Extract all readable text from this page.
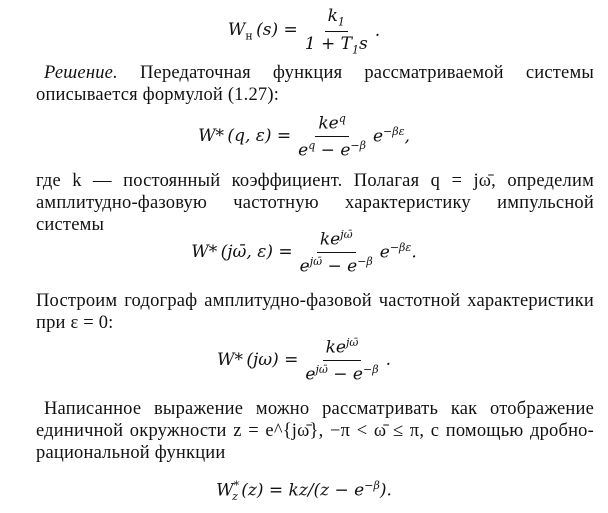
$W_н$ $(s) = \frac{k_1}{1 + T_1s}$ .
Решение. Передаточная функция рассматриваемой системы описывается формулой (1.27):
W* (q, $\varepsilon) = \frac{ke^q}{e^q - e^{-\beta}} e^{-\beta\varepsilon}$,
где k — постоянный коэффициент. Полагая q = jω̄, определим амплитудно-фазовую частотную характеристику импульсной системы
W* (jω̄, $\varepsilon) = \frac{ke^{j\omegā}}{e^{j\omegā} - e^{-\beta}} e^{-\beta\varepsilon}$.
Построим годограф амплитудно-фазовой частотной характеристики при ε = 0:
W* $(j\omega) = \frac{ke^{j\omegā}}{e^{j\omegā} - e^{-\beta}}$ .
Написанное выражение можно рассматривать как отображение единичной окружности z = e^{jω̄}, −π < ω̄ ≤ π, с помощью дробно-рациональной функции
$W^*_z$ $(z) = kz/(z - e^{-\beta})$.
